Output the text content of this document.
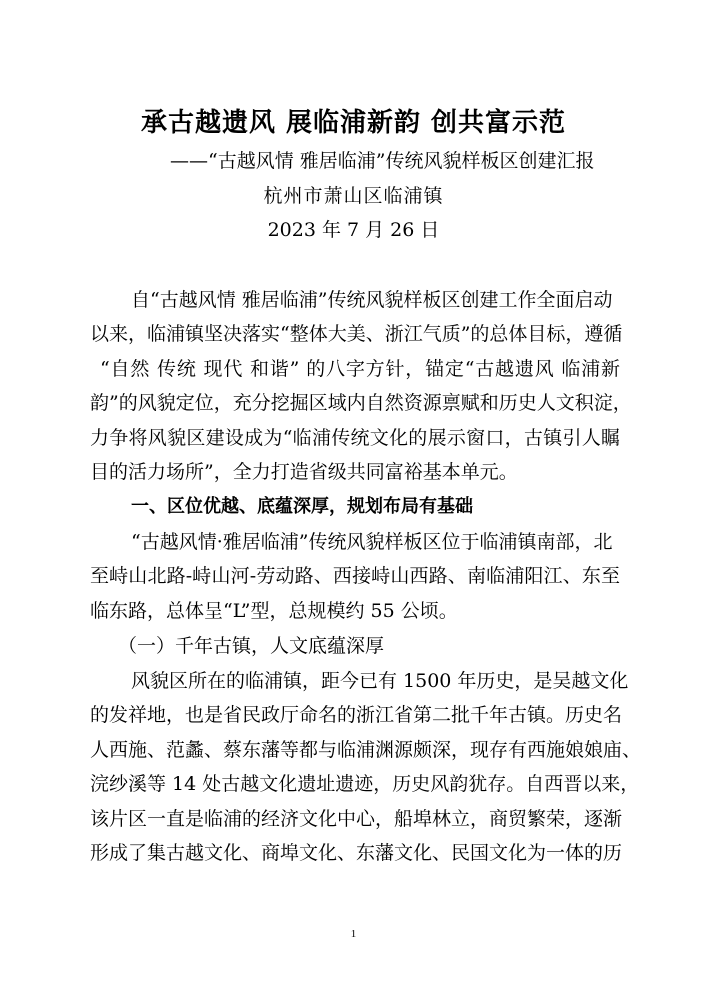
承古越遗风 展临浦新韵 创共富示范
——“古越风情 雅居临浦”传统风貌样板区创建汇报
杭州市萧山区临浦镇
2023 年 7 月 26 日
自“古越风情 雅居临浦”传统风貌样板区创建工作全面启动
以来，临浦镇坚决落实“整体大美、浙江气质”的总体目标，遵循
“自然 传统 现代 和谐” 的八字方针，锚定“古越遗风 临浦新
韵”的风貌定位，充分挖掘区域内自然资源禀赋和历史人文积淀，
力争将风貌区建设成为“临浦传统文化的展示窗口，古镇引人瞩
目的活力场所”，全力打造省级共同富裕基本单元。
一、区位优越、底蕴深厚，规划布局有基础
“古越风情·雅居临浦”传统风貌样板区位于临浦镇南部，北
至峙山北路-峙山河-劳动路、西接峙山西路、南临浦阳江、东至
临东路，总体呈“L”型，总规模约 55 公顷。
（一）千年古镇，人文底蕴深厚
风貌区所在的临浦镇，距今已有 1500 年历史，是吴越文化
的发祥地，也是省民政厅命名的浙江省第二批千年古镇。历史名
人西施、范蠡、蔡东藩等都与临浦渊源颇深，现存有西施娘娘庙、
浣纱溪等 14 处古越文化遗址遗迹，历史风韵犹存。自西晋以来，
该片区一直是临浦的经济文化中心，船埠林立，商贸繁荣，逐渐
形成了集古越文化、商埠文化、东藩文化、民国文化为一体的历
1
